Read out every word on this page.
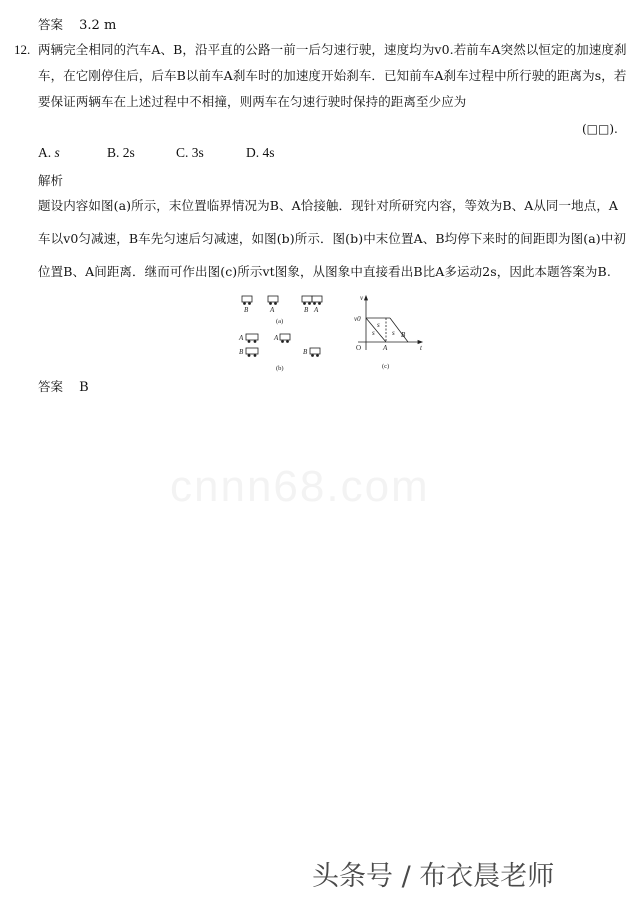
答案 3.2 m
12. 两辆完全相同的汽车A、B，沿平直的公路一前一后匀速行驶，速度均为v0.若前车A突然以恒定的加速度刹
车，在它刚停住后，后车B以前车A刹车时的加速度开始刹车．已知前车A刹车过程中所行驶的距离为s，若
要保证两辆车在上述过程中不相撞，则两车在匀速行驶时保持的距离至少应为
(□□).
A. s	B. 2s	C. 3s	D. 4s
解析
题设内容如图(a)所示，末位置临界情况为B、A恰接触．现针对所研究内容，等效为B、A从同一地点，A
车以v0匀减速，B车先匀速后匀减速，如图(b)所示．图(b)中末位置A、B均停下来时的间距即为图(a)中初
位置B、A间距离．继而可作出图(c)所示vt图象，从图象中直接看出B比A多运动2s，因此本题答案为B.
B	A	B A
A
B
A
B
(a)
(b)
v
t
v0
s
s s
A
B
O
(c)
答案 B
cnnn68.com
头条号 / 布衣晨老师
